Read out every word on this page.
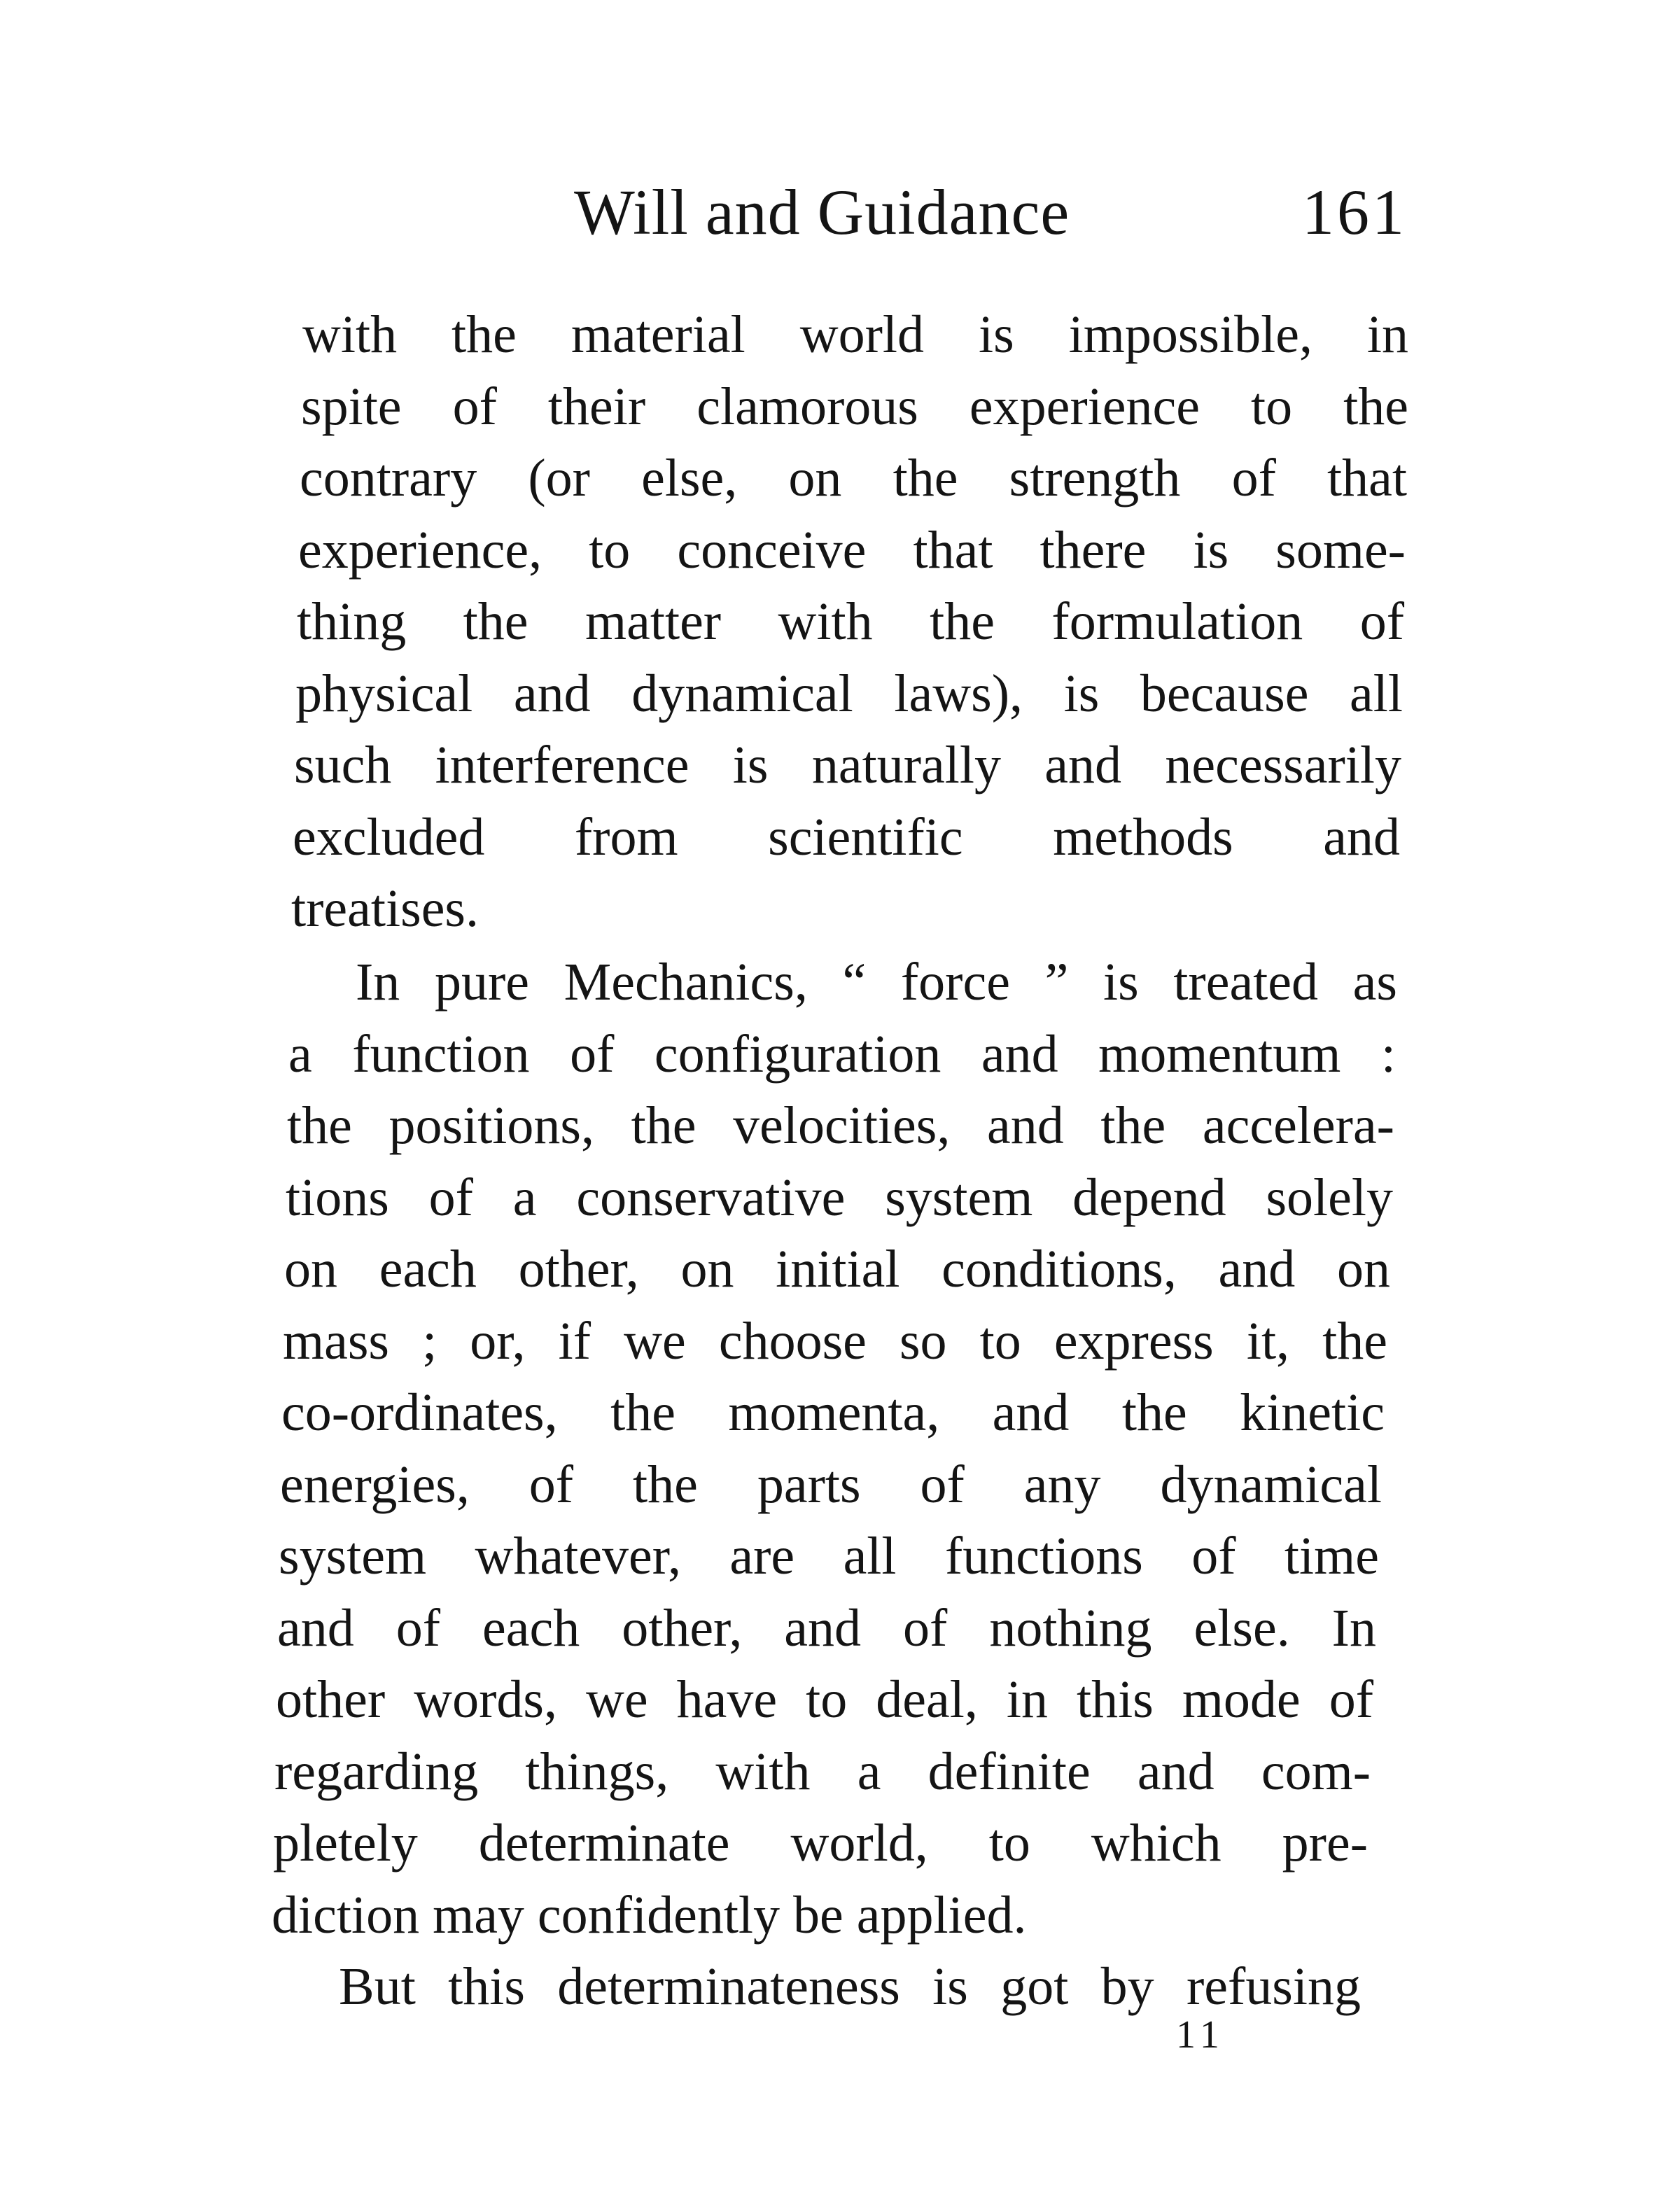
Will and Guidance	161
with the material world is impossible, in
spite of their clamorous experience to the
contrary (or else, on the strength of that
experience, to conceive that there is some-
thing the matter with the formulation of
physical and dynamical laws), is because all
such interference is naturally and necessarily
excluded from scientific methods and
treatises.
In pure Mechanics, “ force ” is treated as
a function of configuration and momentum :
the positions, the velocities, and the accelera-
tions of a conservative system depend solely
on each other, on initial conditions, and on
mass ; or, if we choose so to express it, the
co-ordinates, the momenta, and the kinetic
energies, of the parts of any dynamical
system whatever, are all functions of time
and of each other, and of nothing else. In
other words, we have to deal, in this mode of
regarding things, with a definite and com-
pletely determinate world, to which pre-
diction may confidently be applied.
But this determinateness is got by refusing
11
